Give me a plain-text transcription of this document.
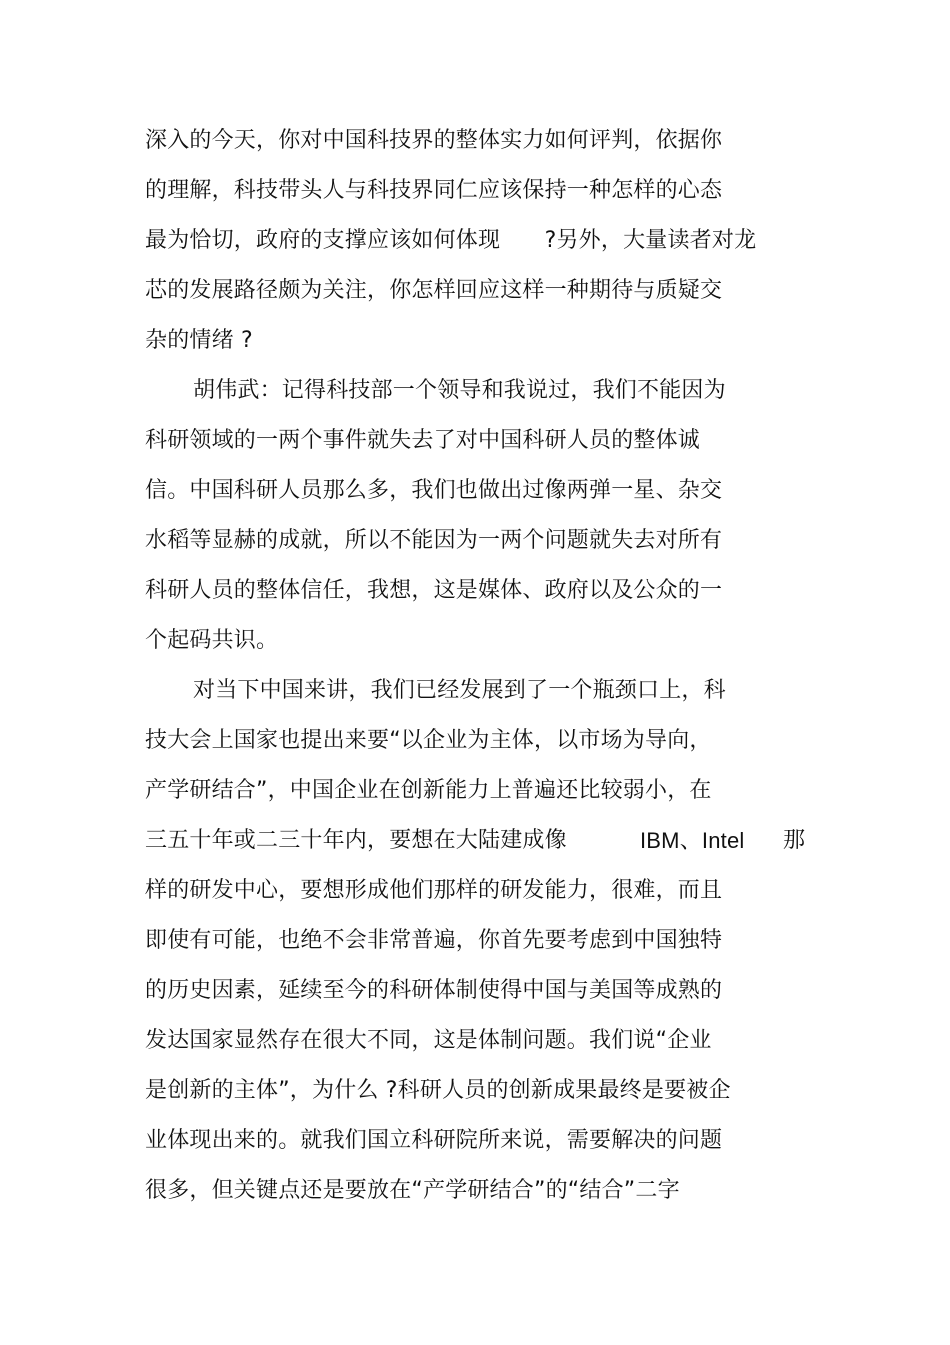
深入的今天，你对中国科技界的整体实力如何评判，依据你
的理解，科技带头人与科技界同仁应该保持一种怎样的心态
最为恰切，政府的支撑应该如何体现　　?另外，大量读者对龙
芯的发展路径颇为关注，你怎样回应这样一种期待与质疑交
杂的情绪 ?
胡伟武：记得科技部一个领导和我说过，我们不能因为
科研领域的一两个事件就失去了对中国科研人员的整体诚
信。中国科研人员那么多，我们也做出过像两弹一星、杂交
水稻等显赫的成就，所以不能因为一两个问题就失去对所有
科研人员的整体信任，我想，这是媒体、政府以及公众的一
个起码共识。
对当下中国来讲，我们已经发展到了一个瓶颈口上，科
技大会上国家也提出来要“以企业为主体，以市场为导向，
产学研结合”，中国企业在创新能力上普遍还比较弱小，在
三五十年或二三十年内，要想在大陆建成像	IBM、Intel 那
样的研发中心，要想形成他们那样的研发能力，很难，而且
即使有可能，也绝不会非常普遍，你首先要考虑到中国独特
的历史因素，延续至今的科研体制使得中国与美国等成熟的
发达国家显然存在很大不同，这是体制问题。我们说“企业
是创新的主体”，为什么 ?科研人员的创新成果最终是要被企
业体现出来的。就我们国立科研院所来说，需要解决的问题
很多，但关键点还是要放在“产学研结合”的“结合”二字
